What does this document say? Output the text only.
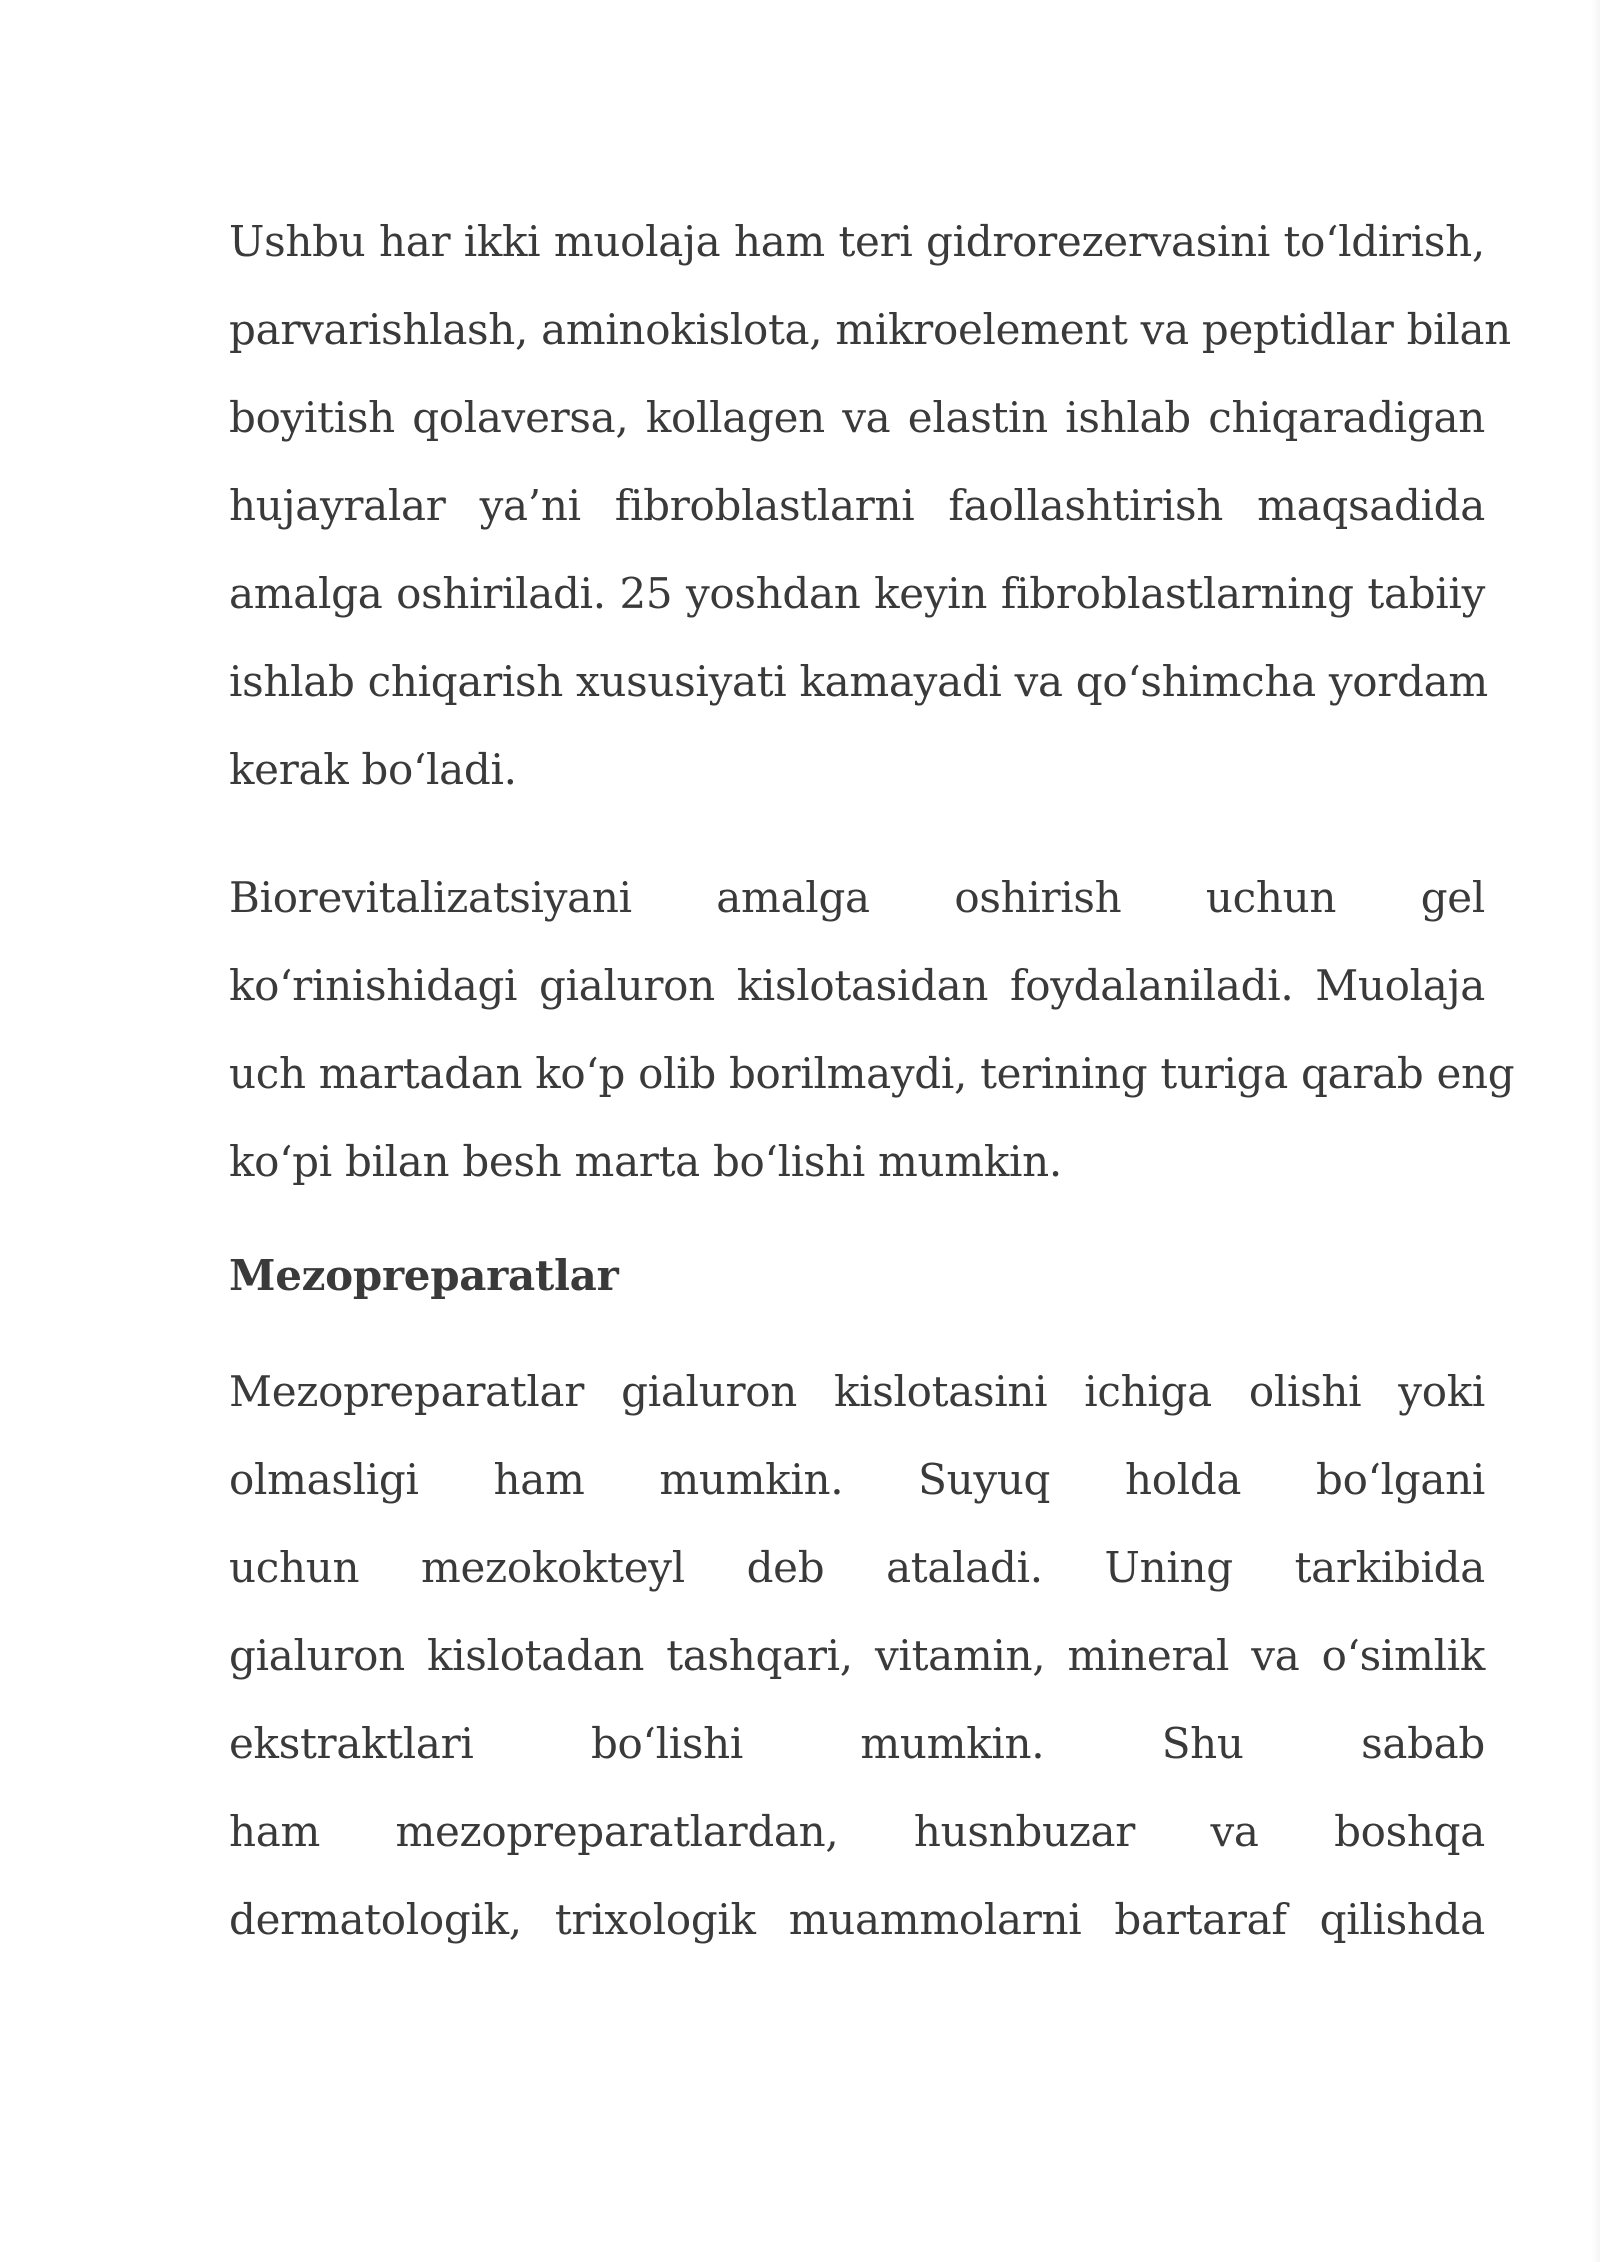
Ushbu har ikki muolaja ham teri gidrorezervasini to‘ldirish,
parvarishlash, aminokislota, mikroelement va peptidlar bilan
boyitish qolaversa, kollagen va elastin ishlab chiqaradigan
hujayralar ya’ni fibroblastlarni faollashtirish maqsadida
amalga oshiriladi. 25 yoshdan keyin fibroblastlarning tabiiy
ishlab chiqarish xususiyati kamayadi va qo‘shimcha yordam
kerak bo‘ladi.
Biorevitalizatsiyani amalga oshirish uchun gel
ko‘rinishidagi gialuron kislotasidan foydalaniladi. Muolaja
uch martadan ko‘p olib borilmaydi, terining turiga qarab eng
ko‘pi bilan besh marta bo‘lishi mumkin.
Mezopreparatlar
Mezopreparatlar gialuron kislotasini ichiga olishi yoki
olmasligi ham mumkin. Suyuq holda bo‘lgani
uchun mezokokteyl deb ataladi. Uning tarkibida
gialuron kislotadan tashqari, vitamin, mineral va o‘simlik
ekstraktlari bo‘lishi mumkin. Shu sabab
ham mezopreparatlardan, husnbuzar va boshqa
dermatologik, trixologik muammolarni bartaraf qilishda
